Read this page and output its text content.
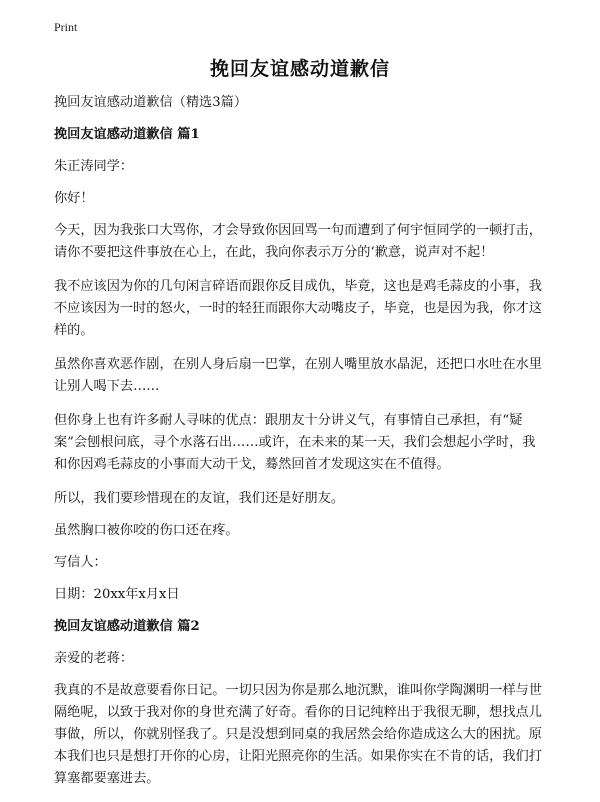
Print
挽回友谊感动道歉信

挽回友谊感动道歉信（精选3篇）

挽回友谊感动道歉信 篇1

朱正涛同学：

你好！

今天，因为我张口大骂你，才会导致你因回骂一句而遭到了何宇恒同学的一顿打击，请你不要把这件事放在心上，在此，我向你表示万分的‘歉意，说声对不起！

我不应该因为你的几句闲言碎语而跟你反目成仇，毕竟，这也是鸡毛蒜皮的小事，我不应该因为一时的怒火，一时的轻狂而跟你大动嘴皮子，毕竟，也是因为我，你才这样的。

虽然你喜欢恶作剧，在别人身后扇一巴掌，在别人嘴里放水晶泥，还把口水吐在水里让别人喝下去……

但你身上也有许多耐人寻味的优点：跟朋友十分讲义气，有事情自己承担，有“疑案”会刨根问底，寻个水落石出……或许，在未来的某一天，我们会想起小学时，我和你因鸡毛蒜皮的小事而大动干戈，蓦然回首才发现这实在不值得。

所以，我们要珍惜现在的友谊，我们还是好朋友。

虽然胸口被你咬的伤口还在疼。

写信人：

日期：20xx年x月x日

挽回友谊感动道歉信 篇2

亲爱的老蒋：

我真的不是故意要看你日记。一切只因为你是那么地沉默，谁叫你学陶渊明一样与世隔绝呢，以致于我对你的身世充满了好奇。看你的日记纯粹出于我很无聊，想找点儿事做，所以，你就别怪我了。只是没想到同桌的我居然会给你造成这么大的困扰。原本我们也只是想打开你的心房，让阳光照亮你的生活。如果你实在不肯的话，我们打算塞都要塞进去。
